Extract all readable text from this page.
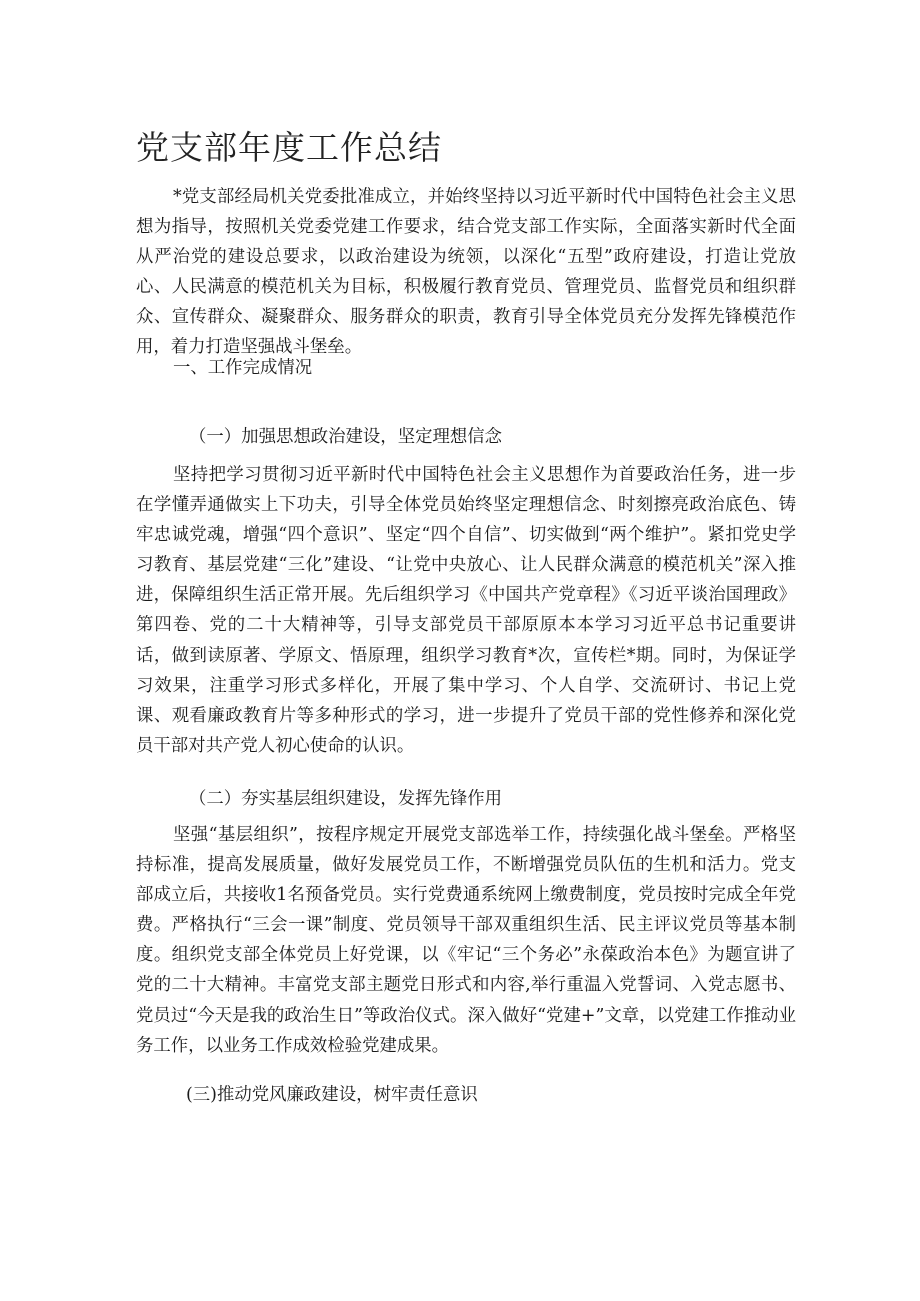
党支部年度工作总结
*党支部经局机关党委批准成立，并始终坚持以习近平新时代中国特色社会主义思想为指导，按照机关党委党建工作要求，结合党支部工作实际，全面落实新时代全面从严治党的建设总要求，以政治建设为统领，以深化“五型”政府建设，打造让党放心、人民满意的模范机关为目标，积极履行教育党员、管理党员、监督党员和组织群众、宣传群众、凝聚群众、服务群众的职责，教育引导全体党员充分发挥先锋模范作用，着力打造坚强战斗堡垒。
一、工作完成情况
（一）加强思想政治建设，坚定理想信念
坚持把学习贯彻习近平新时代中国特色社会主义思想作为首要政治任务，进一步在学懂弄通做实上下功夫，引导全体党员始终坚定理想信念、时刻擦亮政治底色、铸牢忠诚党魂，增强“四个意识”、坚定“四个自信”、切实做到“两个维护”。紧扣党史学习教育、基层党建“三化”建设、“让党中央放心、让人民群众满意的模范机关”深入推进，保障组织生活正常开展。先后组织学习《中国共产党章程》《习近平谈治国理政》第四卷、党的二十大精神等，引导支部党员干部原原本本学习习近平总书记重要讲话，做到读原著、学原文、悟原理，组织学习教育*次，宣传栏*期。同时，为保证学习效果，注重学习形式多样化，开展了集中学习、个人自学、交流研讨、书记上党课、观看廉政教育片等多种形式的学习，进一步提升了党员干部的党性修养和深化党员干部对共产党人初心使命的认识。
（二）夯实基层组织建设，发挥先锋作用
坚强“基层组织”，按程序规定开展党支部选举工作，持续强化战斗堡垒。严格坚持标准，提高发展质量，做好发展党员工作，不断增强党员队伍的生机和活力。党支部成立后，共接收1名预备党员。实行党费通系统网上缴费制度，党员按时完成全年党费。严格执行“三会一课”制度、党员领导干部双重组织生活、民主评议党员等基本制度。组织党支部全体党员上好党课，以《牢记“三个务必”永葆政治本色》为题宣讲了党的二十大精神。丰富党支部主题党日形式和内容,举行重温入党誓词、入党志愿书、党员过“今天是我的政治生日”等政治仪式。深入做好“党建+”文章，以党建工作推动业务工作，以业务工作成效检验党建成果。
(三)推动党风廉政建设，树牢责任意识
